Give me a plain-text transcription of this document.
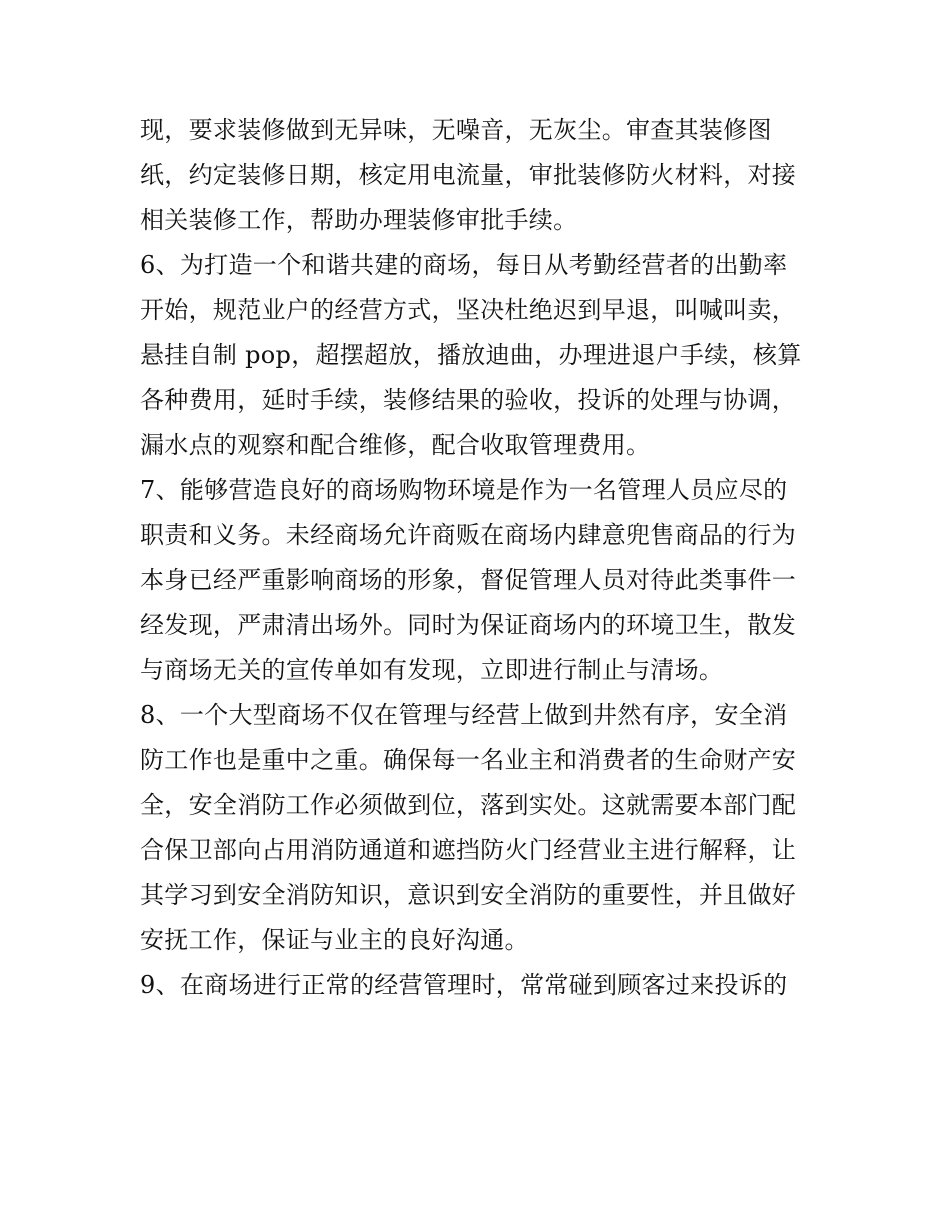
现，要求装修做到无异味，无噪音，无灰尘。审查其装修图
纸，约定装修日期，核定用电流量，审批装修防火材料，对接
相关装修工作，帮助办理装修审批手续。
6、为打造一个和谐共建的商场，每日从考勤经营者的出勤率
开始，规范业户的经营方式，坚决杜绝迟到早退，叫喊叫卖，
悬挂自制 pop，超摆超放，播放迪曲，办理进退户手续，核算
各种费用，延时手续，装修结果的验收，投诉的处理与协调，
漏水点的观察和配合维修，配合收取管理费用。
7、能够营造良好的商场购物环境是作为一名管理人员应尽的
职责和义务。未经商场允许商贩在商场内肆意兜售商品的行为
本身已经严重影响商场的形象，督促管理人员对待此类事件一
经发现，严肃清出场外。同时为保证商场内的环境卫生，散发
与商场无关的宣传单如有发现，立即进行制止与清场。
8、一个大型商场不仅在管理与经营上做到井然有序，安全消
防工作也是重中之重。确保每一名业主和消费者的生命财产安
全，安全消防工作必须做到位，落到实处。这就需要本部门配
合保卫部向占用消防通道和遮挡防火门经营业主进行解释，让
其学习到安全消防知识，意识到安全消防的重要性，并且做好
安抚工作，保证与业主的良好沟通。
9、在商场进行正常的经营管理时，常常碰到顾客过来投诉的
